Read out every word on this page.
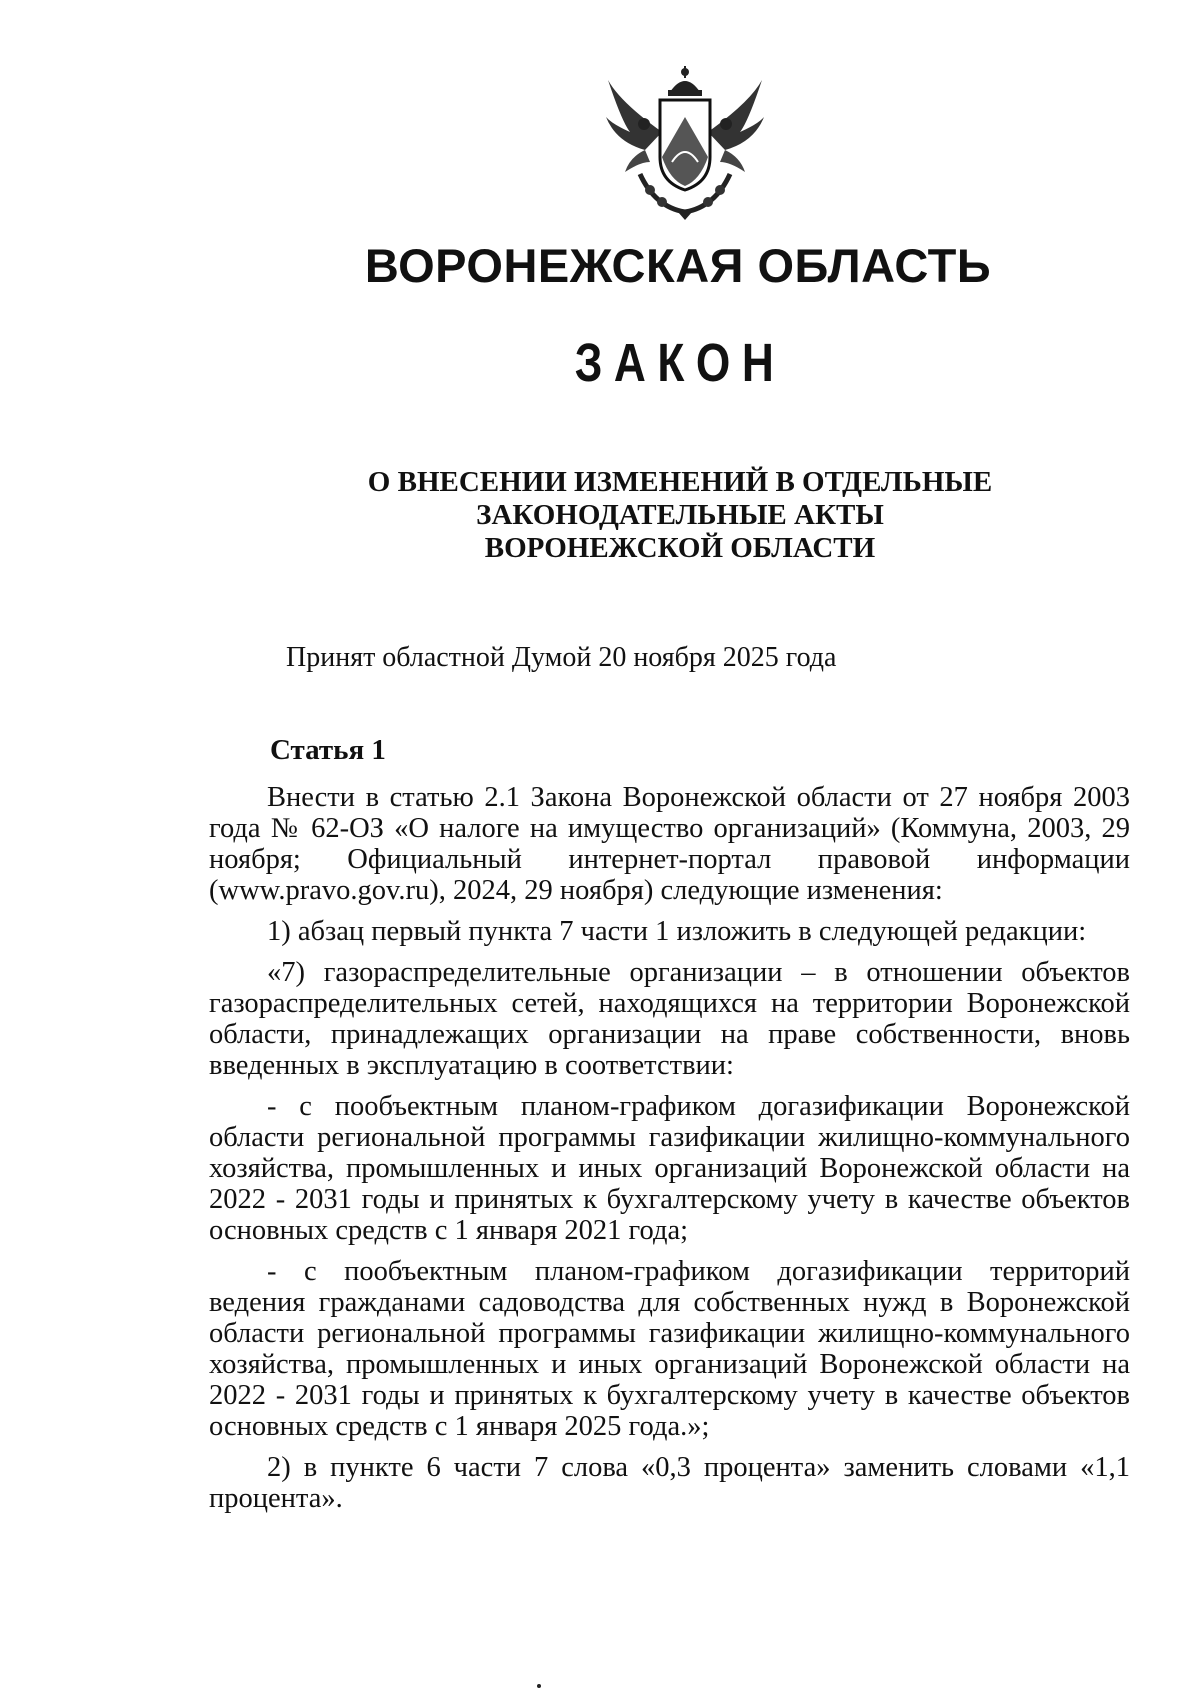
ВОРОНЕЖСКАЯ ОБЛАСТЬ
ЗАКОН
О ВНЕСЕНИИ ИЗМЕНЕНИЙ В ОТДЕЛЬНЫЕ
ЗАКОНОДАТЕЛЬНЫЕ АКТЫ
ВОРОНЕЖСКОЙ ОБЛАСТИ
Принят областной Думой 20 ноября 2025 года
Статья 1

Внести в статью 2.1 Закона Воронежской области от 27 ноября 2003 года № 62-ОЗ «О налоге на имущество организаций» (Коммуна, 2003, 29 ноября; Официальный интернет-портал правовой информации (www.pravo.gov.ru), 2024, 29 ноября) следующие изменения:

1) абзац первый пункта 7 части 1 изложить в следующей редакции:

«7) газораспределительные организации – в отношении объектов газораспределительных сетей, находящихся на территории Воронежской области, принадлежащих организации на праве собственности, вновь введенных в эксплуатацию в соответствии:

- с пообъектным планом-графиком догазификации Воронежской области региональной программы газификации жилищно-коммунального хозяйства, промышленных и иных организаций Воронежской области на 2022 - 2031 годы и принятых к бухгалтерскому учету в качестве объектов основных средств с 1 января 2021 года;

- с пообъектным планом-графиком догазификации территорий ведения гражданами садоводства для собственных нужд в Воронежской области региональной программы газификации жилищно-коммунального хозяйства, промышленных и иных организаций Воронежской области на 2022 - 2031 годы и принятых к бухгалтерскому учету в качестве объектов основных средств с 1 января 2025 года.»;

2) в пункте 6 части 7 слова «0,3 процента» заменить словами «1,1 процента».
